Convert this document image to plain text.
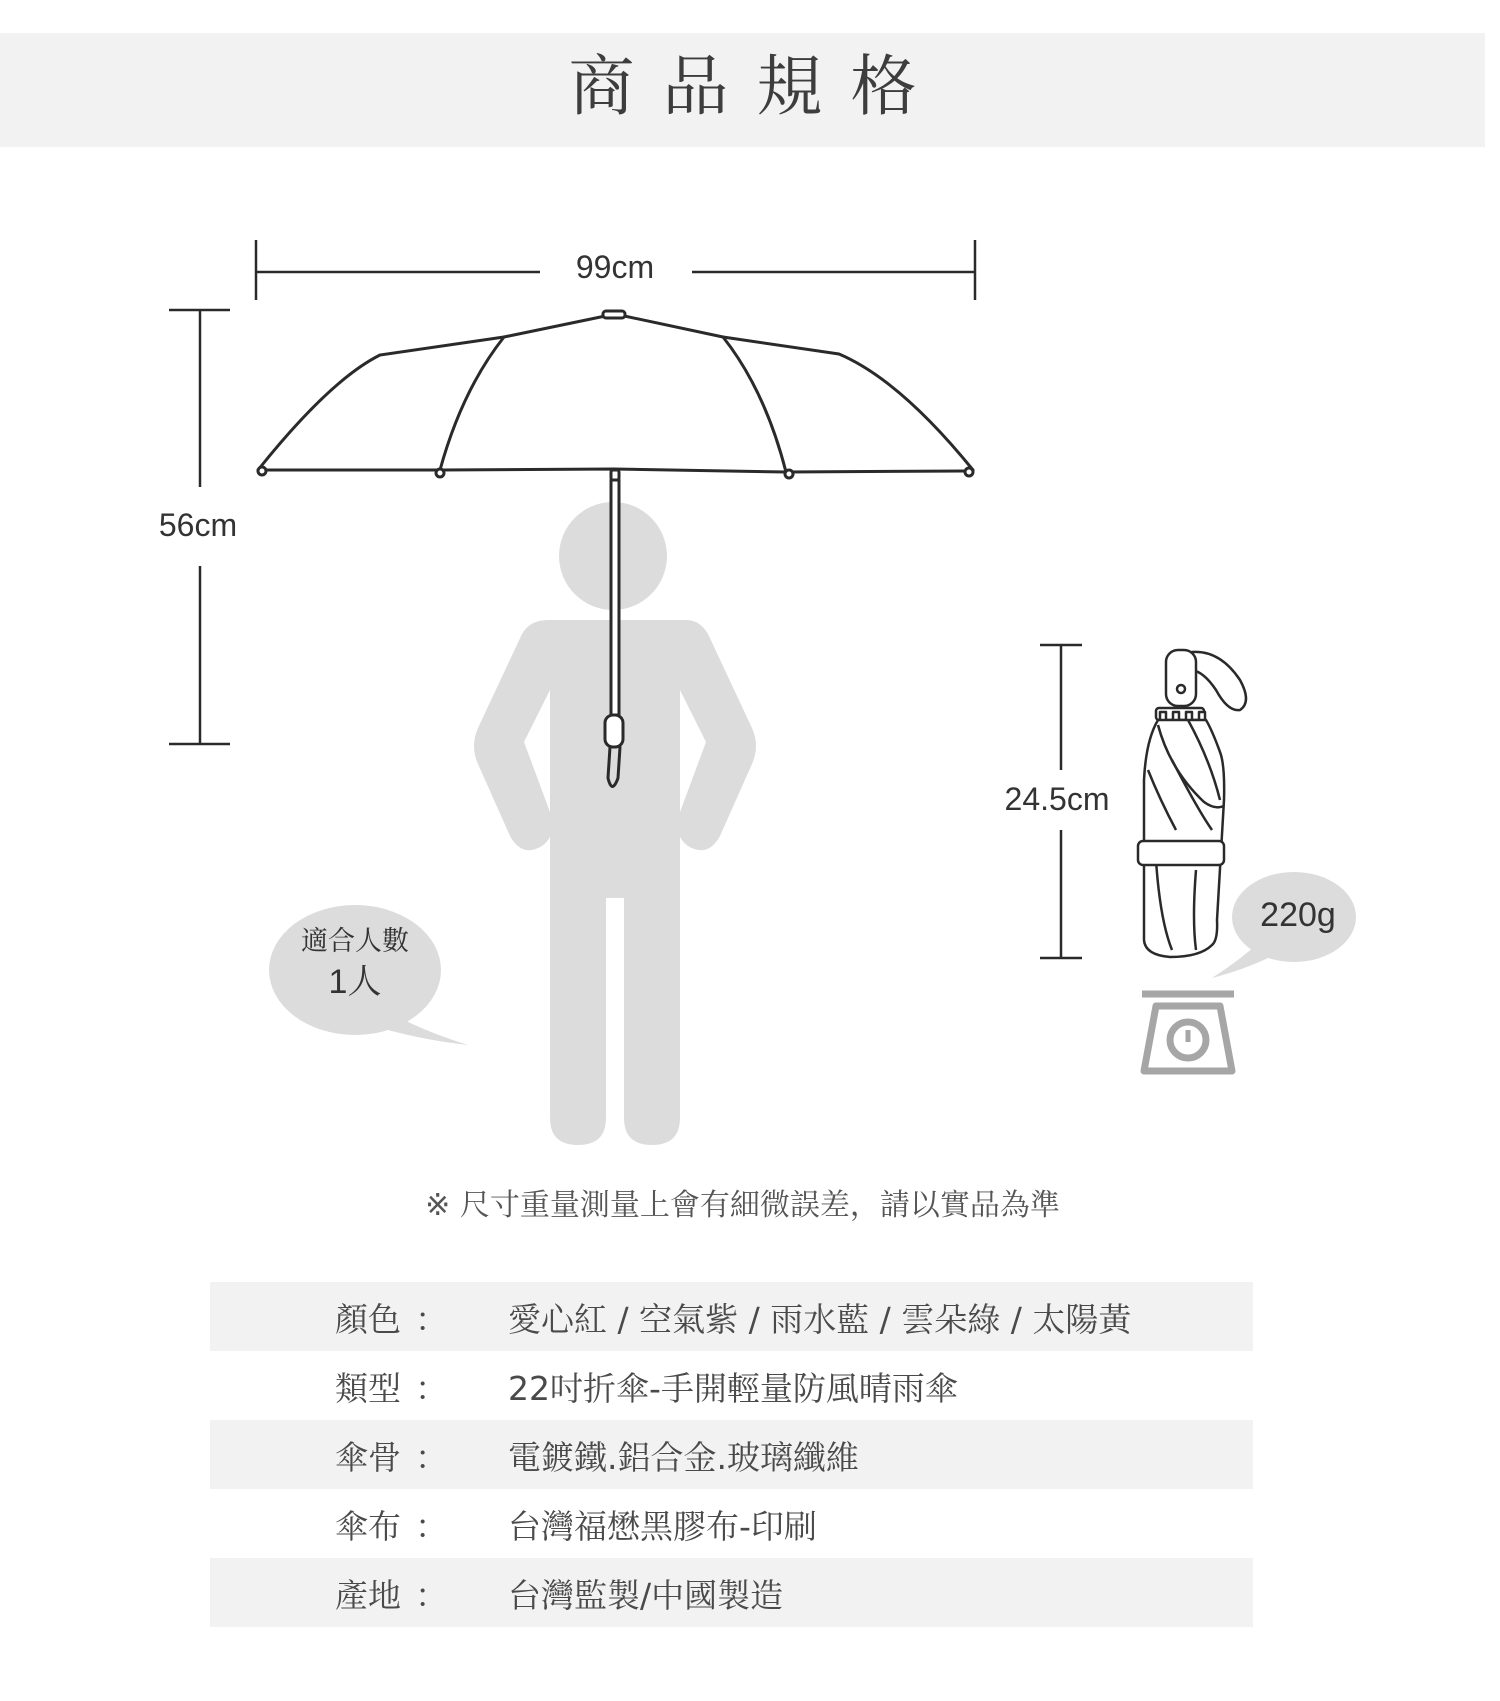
商品規格
99cm
56cm
適合人數
1人
24.5cm
220g
※ 尺寸重量測量上會有細微誤差，請以實品為準
顏色 ： 愛心紅 / 空氣紫 / 雨水藍 / 雲朵綠 / 太陽黃
類型 ： 22吋折傘-手開輕量防風晴雨傘
傘骨 ： 電鍍鐵.鋁合金.玻璃纖維
傘布 ： 台灣福懋黑膠布-印刷
產地 ： 台灣監製/中國製造
